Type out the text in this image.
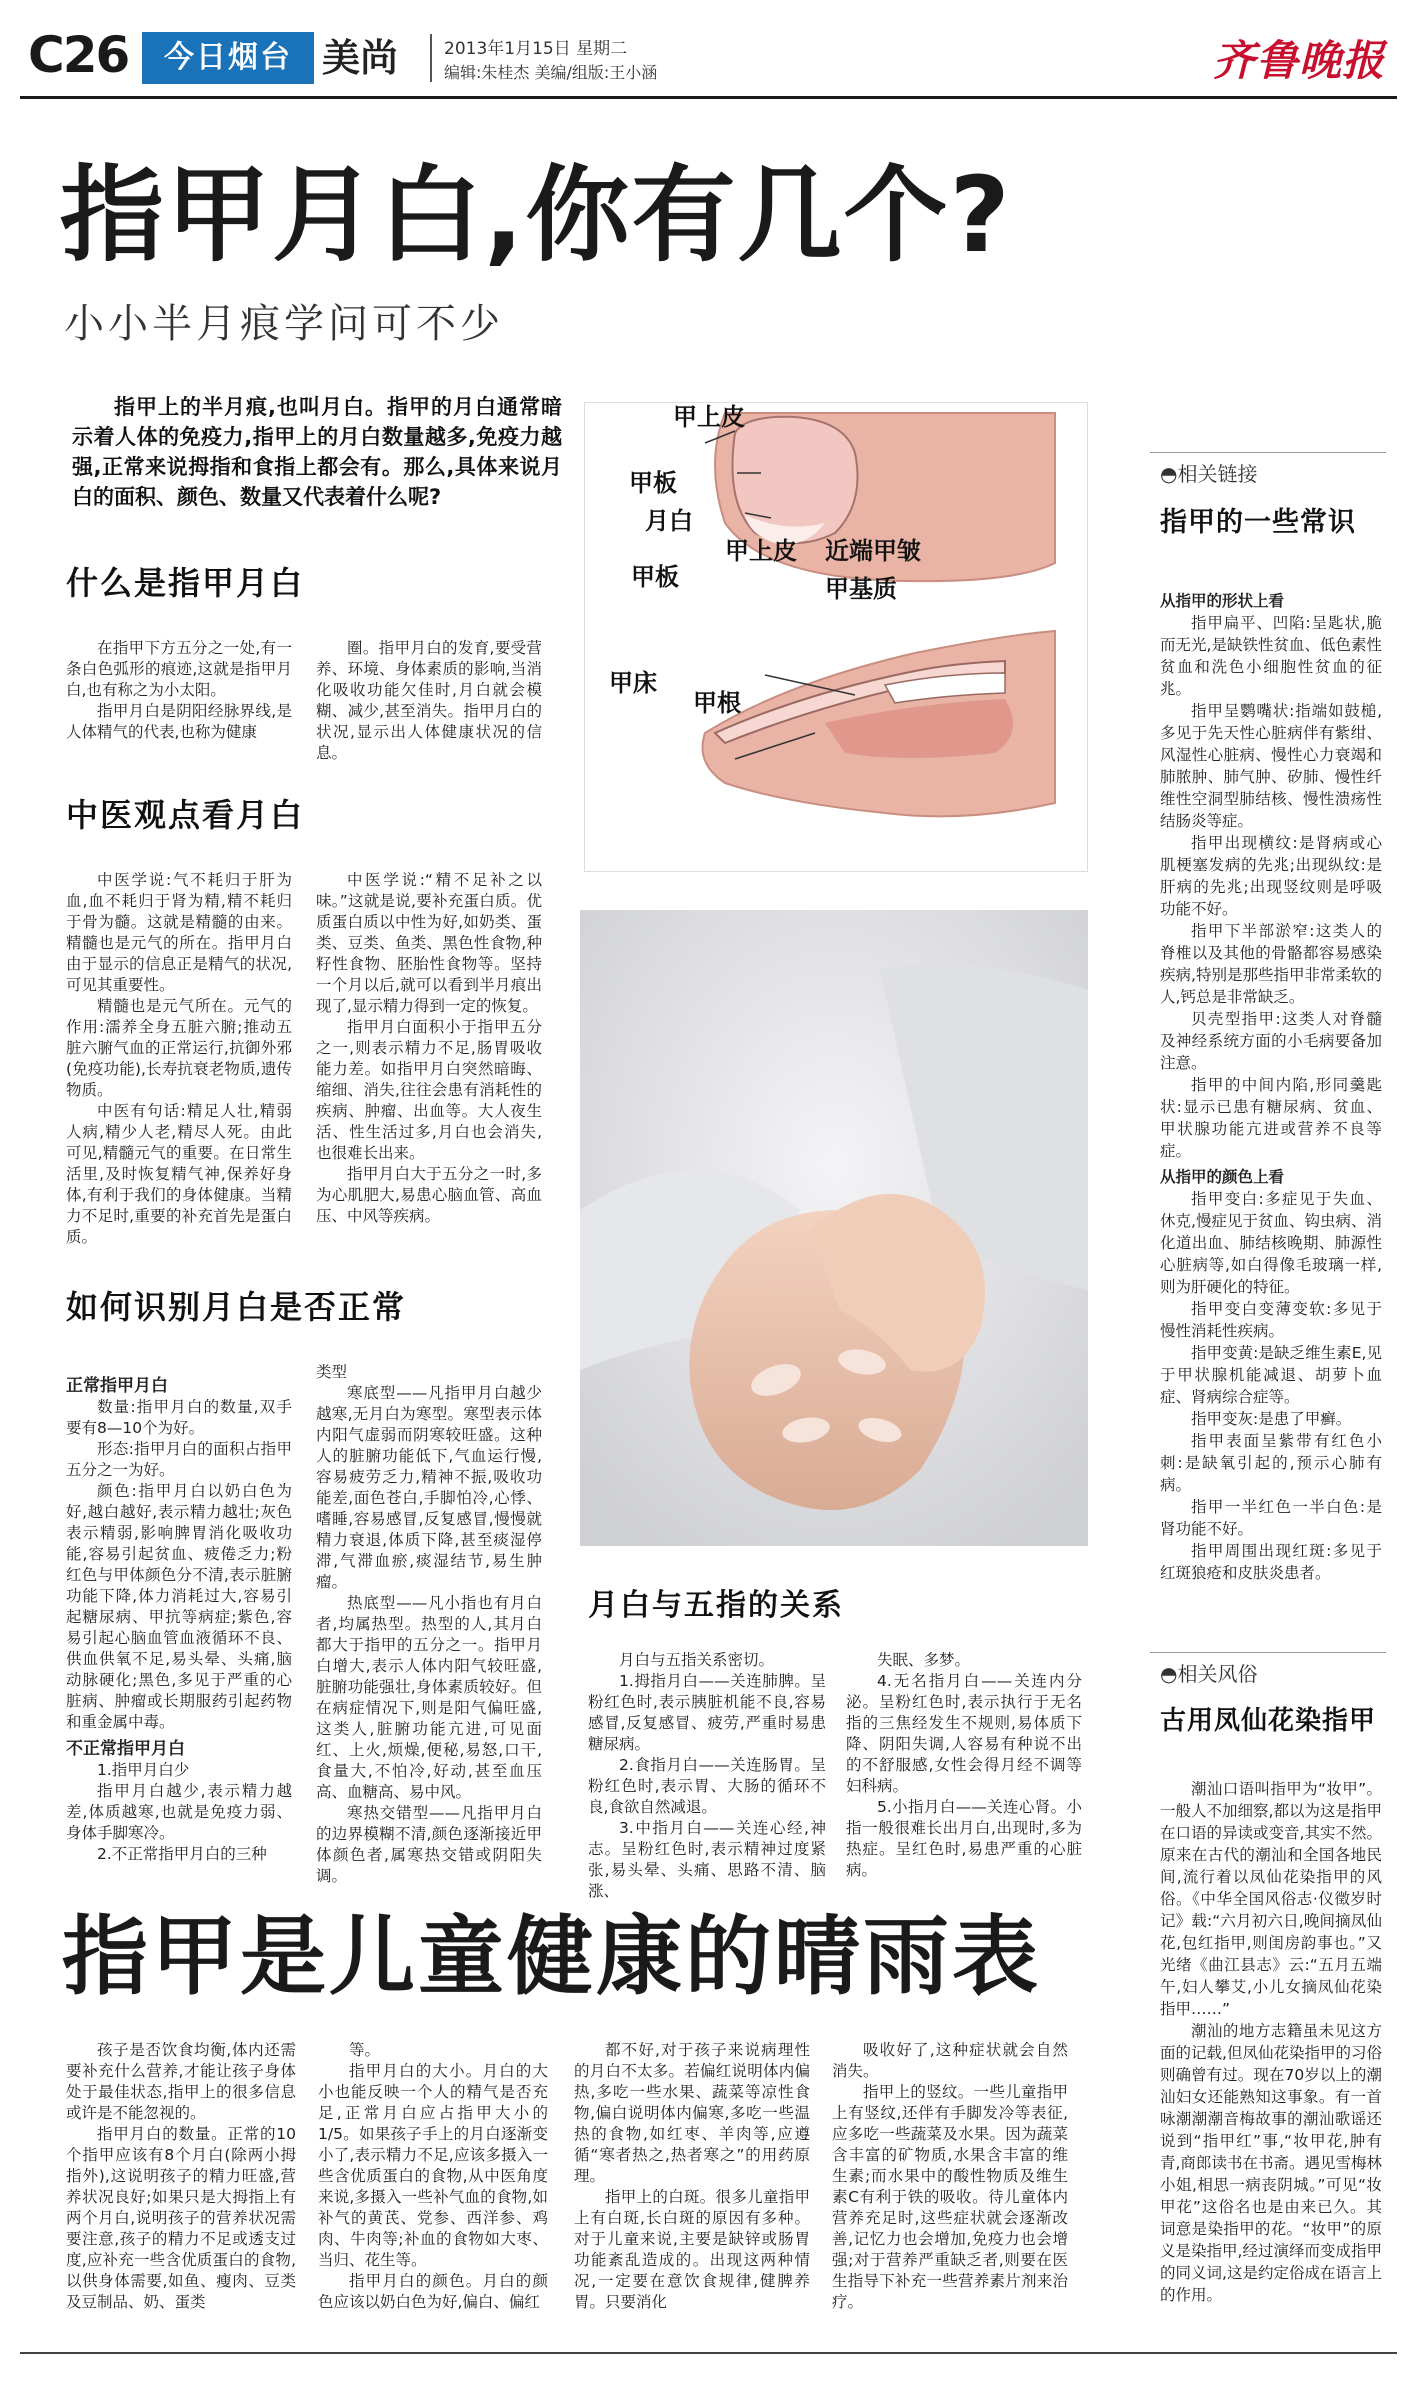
C26	今日烟台 美尚	2013年1月15日 星期二
编辑:朱桂杰 美编/组版:王小涵	齐鲁晚报
指甲月白,你有几个?
小小半月痕学问可不少
指甲上的半月痕,也叫月白。指甲的月白通常暗示着人体的免疫力,指甲上的月白数量越多,免疫力越强,正常来说拇指和食指上都会有。那么,具体来说月白的面积、颜色、数量又代表着什么呢?
什么是指甲月白

在指甲下方五分之一处,有一条白色弧形的痕迹,这就是指甲月白,也有称之为小太阳。

指甲月白是阴阳经脉界线,是人体精气的代表,也称为健康

圈。指甲月白的发育,要受营养、环境、身体素质的影响,当消化吸收功能欠佳时,月白就会模糊、减少,甚至消失。指甲月白的状况,显示出人体健康状况的信息。

中医观点看月白

中医学说:气不耗归于肝为血,血不耗归于肾为精,精不耗归于骨为髓。这就是精髓的由来。精髓也是元气的所在。指甲月白由于显示的信息正是精气的状况,可见其重要性。

精髓也是元气所在。元气的作用:濡养全身五脏六腑;推动五脏六腑气血的正常运行,抗御外邪(免疫功能),长寿抗衰老物质,遗传物质。

中医有句话:精足人壮,精弱人病,精少人老,精尽人死。由此可见,精髓元气的重要。在日常生活里,及时恢复精气神,保养好身体,有利于我们的身体健康。当精力不足时,重要的补充首先是蛋白质。

中医学说:“精不足补之以味。”这就是说,要补充蛋白质。优质蛋白质以中性为好,如奶类、蛋类、豆类、鱼类、黑色性食物,种籽性食物、胚胎性食物等。坚持一个月以后,就可以看到半月痕出现了,显示精力得到一定的恢复。

指甲月白面积小于指甲五分之一,则表示精力不足,肠胃吸收能力差。如指甲月白突然暗晦、缩细、消失,往往会患有消耗性的疾病、肿瘤、出血等。大人夜生活、性生活过多,月白也会消失,也很难长出来。

指甲月白大于五分之一时,多为心肌肥大,易患心脑血管、高血压、中风等疾病。

如何识别月白是否正常

正常指甲月白

数量:指甲月白的数量,双手要有8—10个为好。

形态:指甲月白的面积占指甲五分之一为好。

颜色:指甲月白以奶白色为好,越白越好,表示精力越壮;灰色表示精弱,影响脾胃消化吸收功能,容易引起贫血、疲倦乏力;粉红色与甲体颜色分不清,表示脏腑功能下降,体力消耗过大,容易引起糖尿病、甲抗等病症;紫色,容易引起心脑血管血液循环不良、供血供氧不足,易头晕、头痛,脑动脉硬化;黑色,多见于严重的心脏病、肿瘤或长期服药引起药物和重金属中毒。

不正常指甲月白

1.指甲月白少

指甲月白越少,表示精力越差,体质越寒,也就是免疫力弱、身体手脚寒冷。

2.不正常指甲月白的三种

类型

寒底型——凡指甲月白越少越寒,无月白为寒型。寒型表示体内阳气虚弱而阴寒较旺盛。这种人的脏腑功能低下,气血运行慢,容易疲劳乏力,精神不振,吸收功能差,面色苍白,手脚怕冷,心悸、嗜睡,容易感冒,反复感冒,慢慢就精力衰退,体质下降,甚至痰湿停滞,气滞血瘀,痰湿结节,易生肿瘤。

热底型——凡小指也有月白者,均属热型。热型的人,其月白都大于指甲的五分之一。指甲月白增大,表示人体内阳气较旺盛,脏腑功能强壮,身体素质较好。但在病症情况下,则是阳气偏旺盛,这类人,脏腑功能亢进,可见面红、上火,烦燥,便秘,易怒,口干,食量大,不怕冷,好动,甚至血压高、血糖高、易中风。

寒热交错型——凡指甲月白的边界模糊不清,颜色逐渐接近甲体颜色者,属寒热交错或阴阳失调。

甲上皮
甲板
月白
甲上皮 近端甲皱
甲板	甲基质
甲床
甲根
月白与五指的关系

月白与五指关系密切。

1.拇指月白——关连肺脾。呈粉红色时,表示胰脏机能不良,容易感冒,反复感冒、疲劳,严重时易患糖尿病。

2.食指月白——关连肠胃。呈粉红色时,表示胃、大肠的循环不良,食欲自然减退。

3.中指月白——关连心经,神志。呈粉红色时,表示精神过度紧张,易头晕、头痛、思路不清、脑涨、

失眠、多梦。

4.无名指月白——关连内分泌。呈粉红色时,表示执行于无名指的三焦经发生不规则,易体质下降、阴阳失调,人容易有种说不出的不舒服感,女性会得月经不调等妇科病。

5.小指月白——关连心肾。小指一般很难长出月白,出现时,多为热症。呈红色时,易患严重的心脏病。

◓相关链接
指甲的一些常识

从指甲的形状上看

指甲扁平、凹陷:呈匙状,脆而无光,是缺铁性贫血、低色素性贫血和洗色小细胞性贫血的征兆。

指甲呈鹦嘴状:指端如鼓槌,多见于先天性心脏病伴有紫绀、风湿性心脏病、慢性心力衰竭和肺脓肿、肺气肿、矽肺、慢性纤维性空洞型肺结核、慢性溃疡性结肠炎等症。

指甲出现横纹:是肾病或心肌梗塞发病的先兆;出现纵纹:是肝病的先兆;出现竖纹则是呼吸功能不好。

指甲下半部淤窄:这类人的脊椎以及其他的骨骼都容易感染疾病,特别是那些指甲非常柔软的人,钙总是非常缺乏。

贝壳型指甲:这类人对脊髓及神经系统方面的小毛病要备加注意。

指甲的中间内陷,形同羹匙状:显示已患有糖尿病、贫血、甲状腺功能亢进或营养不良等症。

从指甲的颜色上看

指甲变白:多症见于失血、休克,慢症见于贫血、钩虫病、消化道出血、肺结核晚期、肺源性心脏病等,如白得像毛玻璃一样,则为肝硬化的特征。

指甲变白变薄变软:多见于慢性消耗性疾病。

指甲变黄:是缺乏维生素E,见于甲状腺机能减退、胡萝卜血症、肾病综合症等。

指甲变灰:是患了甲癣。

指甲表面呈紫带有红色小刺:是缺氧引起的,预示心肺有病。

指甲一半红色一半白色:是肾功能不好。

指甲周围出现红斑:多见于红斑狼疮和皮肤炎患者。

◓相关风俗
古用凤仙花染指甲

潮汕口语叫指甲为“妆甲”。一般人不加细察,都以为这是指甲在口语的异读或变音,其实不然。原来在古代的潮汕和全国各地民间,流行着以凤仙花染指甲的风俗。《中华全国风俗志·仪徵岁时记》载:“六月初六日,晚间摘凤仙花,包红指甲,则闺房韵事也。”又光绪《曲江县志》云:“五月五端午,妇人攀艾,小儿女摘凤仙花染指甲……”

潮汕的地方志籍虽未见这方面的记载,但凤仙花染指甲的习俗则确曾有过。现在70岁以上的潮汕妇女还能熟知这事象。有一首咏潮潮潮音梅故事的潮汕歌谣还说到“指甲红”事,“妆甲花,肿有青,商郎读书在书斋。遇见雪梅林小姐,相思一病丧阴城。”可见“妆甲花”这俗名也是由来已久。其词意是染指甲的花。“妆甲”的原义是染指甲,经过演绎而变成指甲的同义词,这是约定俗成在语言上的作用。

指甲是儿童健康的晴雨表

孩子是否饮食均衡,体内还需要补充什么营养,才能让孩子身体处于最佳状态,指甲上的很多信息或许是不能忽视的。

指甲月白的数量。正常的10个指甲应该有8个月白(除两小拇指外),这说明孩子的精力旺盛,营养状况良好;如果只是大拇指上有两个月白,说明孩子的营养状况需要注意,孩子的精力不足或透支过度,应补充一些含优质蛋白的食物,以供身体需要,如鱼、瘦肉、豆类及豆制品、奶、蛋类

等。

指甲月白的大小。月白的大小也能反映一个人的精气是否充足,正常月白应占指甲大小的1/5。如果孩子手上的月白逐渐变小了,表示精力不足,应该多摄入一些含优质蛋白的食物,从中医角度来说,多摄入一些补气血的食物,如补气的黄芪、党参、西洋参、鸡肉、牛肉等;补血的食物如大枣、当归、花生等。

指甲月白的颜色。月白的颜色应该以奶白色为好,偏白、偏红

都不好,对于孩子来说病理性的月白不太多。若偏红说明体内偏热,多吃一些水果、蔬菜等凉性食物,偏白说明体内偏寒,多吃一些温热的食物,如红枣、羊肉等,应遵循“寒者热之,热者寒之”的用药原理。

指甲上的白斑。很多儿童指甲上有白斑,长白斑的原因有多种。对于儿童来说,主要是缺锌或肠胃功能紊乱造成的。出现这两种情况,一定要在意饮食规律,健脾养胃。只要消化

吸收好了,这种症状就会自然消失。

指甲上的竖纹。一些儿童指甲上有竖纹,还伴有手脚发冷等表征,应多吃一些蔬菜及水果。因为蔬菜含丰富的矿物质,水果含丰富的维生素;而水果中的酸性物质及维生素C有利于铁的吸收。待儿童体内营养充足时,这些症状就会逐渐改善,记忆力也会增加,免疫力也会增强;对于营养严重缺乏者,则要在医生指导下补充一些营养素片剂来治疗。
